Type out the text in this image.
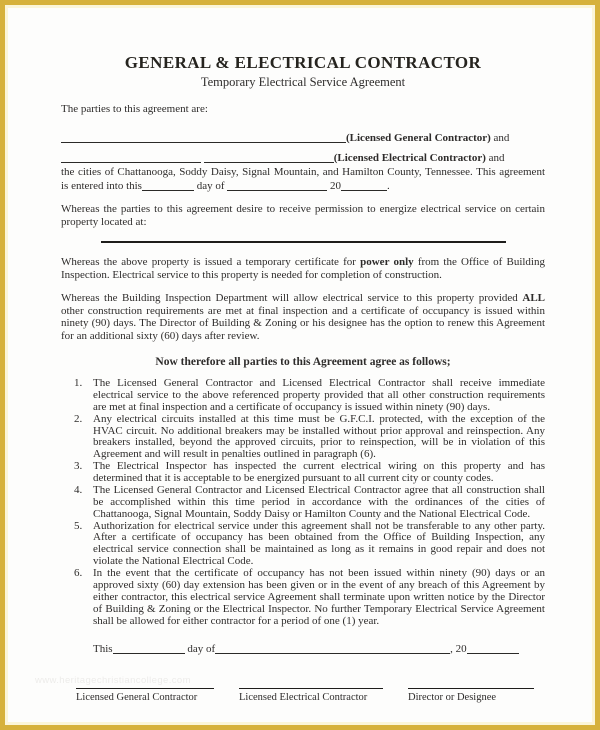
GENERAL & ELECTRICAL CONTRACTOR
Temporary Electrical Service Agreement
The parties to this agreement are:
(Licensed General Contractor) and
(Licensed Electrical Contractor) and

the cities of Chattanooga, Soddy Daisy, Signal Mountain, and Hamilton County, Tennessee. This agreement is entered into this	day of	20	.

Whereas the parties to this agreement desire to receive permission to energize electrical service on certain property located at:

Whereas the above property is issued a temporary certificate for power only from the Office of Building Inspection. Electrical service to this property is needed for completion of construction.

Whereas the Building Inspection Department will allow electrical service to this property provided ALL other construction requirements are met at final inspection and a certificate of occupancy is issued within ninety (90) days. The Director of Building & Zoning or his designee has the option to renew this Agreement for an additional sixty (60) days after review.

Now therefore all parties to this Agreement agree as follows;
The Licensed General Contractor and Licensed Electrical Contractor shall receive immediate electrical service to the above referenced property provided that all other construction requirements are met at final inspection and a certificate of occupancy is issued within ninety (90) days.
Any electrical circuits installed at this time must be G.F.C.I. protected, with the exception of the HVAC circuit. No additional breakers may be installed without prior approval and reinspection. Any breakers installed, beyond the approved circuits, prior to reinspection, will be in violation of this Agreement and will result in penalties outlined in paragraph (6).
The Electrical Inspector has inspected the current electrical wiring on this property and has determined that it is acceptable to be energized pursuant to all current city or county codes.
The Licensed General Contractor and Licensed Electrical Contractor agree that all construction shall be accomplished within this time period in accordance with the ordinances of the cities of Chattanooga, Signal Mountain, Soddy Daisy or Hamilton County and the National Electrical Code.
Authorization for electrical service under this agreement shall not be transferable to any other party. After a certificate of occupancy has been obtained from the Office of Building Inspection, any electrical service connection shall be maintained as long as it remains in good repair and does not violate the National Electrical Code.
In the event that the certificate of occupancy has not been issued within ninety (90) days or an approved sixty (60) day extension has been given or in the event of any breach of this Agreement by either contractor, this electrical service Agreement shall terminate upon written notice by the Director of Building & Zoning or the Electrical Inspector. No further Temporary Electrical Service Agreement shall be allowed for either contractor for a period of one (1) year.
This	day of	, 20
Licensed General Contractor	Licensed Electrical Contractor	Director or Designee
www.heritagechristiancollege.com
